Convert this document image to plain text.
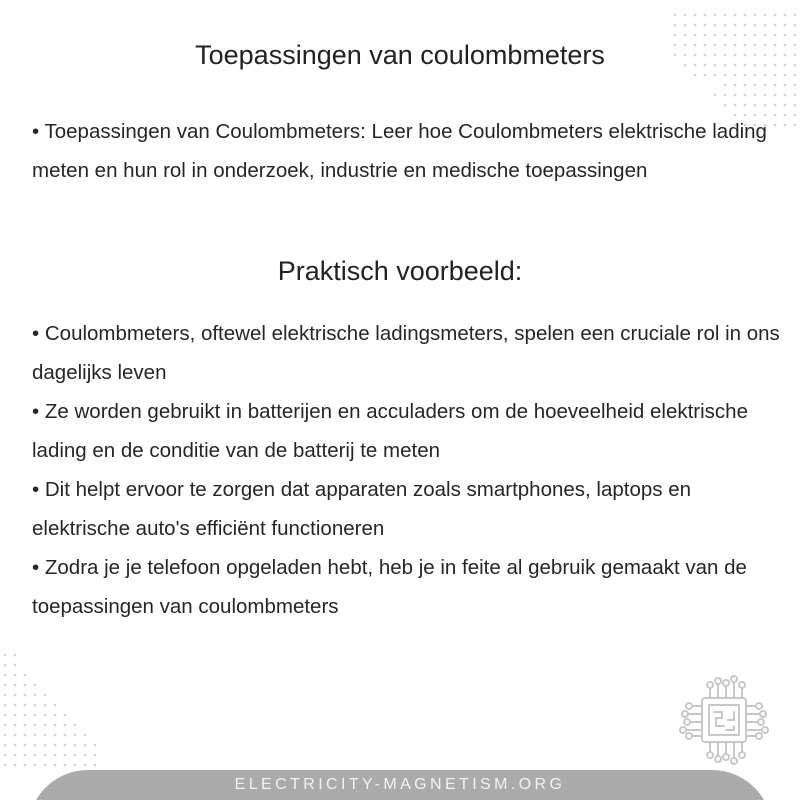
Toepassingen van coulombmeters

• Toepassingen van Coulombmeters: Leer hoe Coulombmeters elektrische lading meten en hun rol in onderzoek, industrie en medische toepassingen

Praktisch voorbeeld:
• Coulombmeters, oftewel elektrische ladingsmeters, spelen een cruciale rol in ons dagelijks leven
• Ze worden gebruikt in batterijen en acculaders om de hoeveelheid elektrische lading en de conditie van de batterij te meten
• Dit helpt ervoor te zorgen dat apparaten zoals smartphones, laptops en elektrische auto's efficiënt functioneren
• Zodra je je telefoon opgeladen hebt, heb je in feite al gebruik gemaakt van de toepassingen van coulombmeters
ELECTRICITY-MAGNETISM.ORG
